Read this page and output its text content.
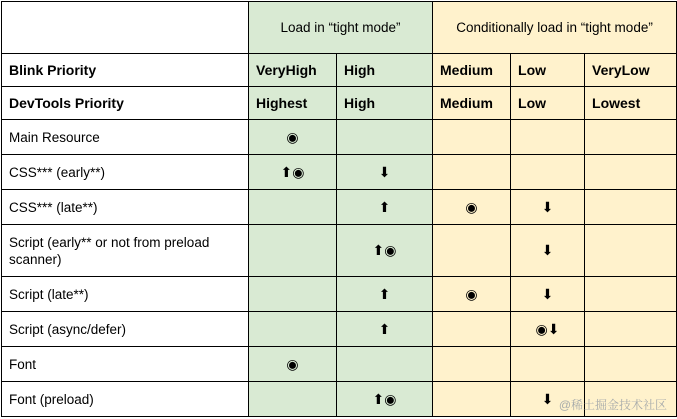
	Load in “tight mode”		Conditionally load in “tight mode”		
Blink Priority	VeryHigh	High	Medium	Low	VeryLow
DevTools Priority	Highest	High	Medium	Low	Lowest
Main Resource	◉				
CSS*** (early**)	⬆◉	⬇			
CSS*** (late**)		⬆	◉	⬇	
Script (early** or not from preload scanner)		⬆◉		⬇	
Script (late**)		⬆	◉	⬇	
Script (async/defer)		⬆		◉⬇	
Font	◉				
Font (preload)		⬆◉		⬇	@稀土掘金技术社区
